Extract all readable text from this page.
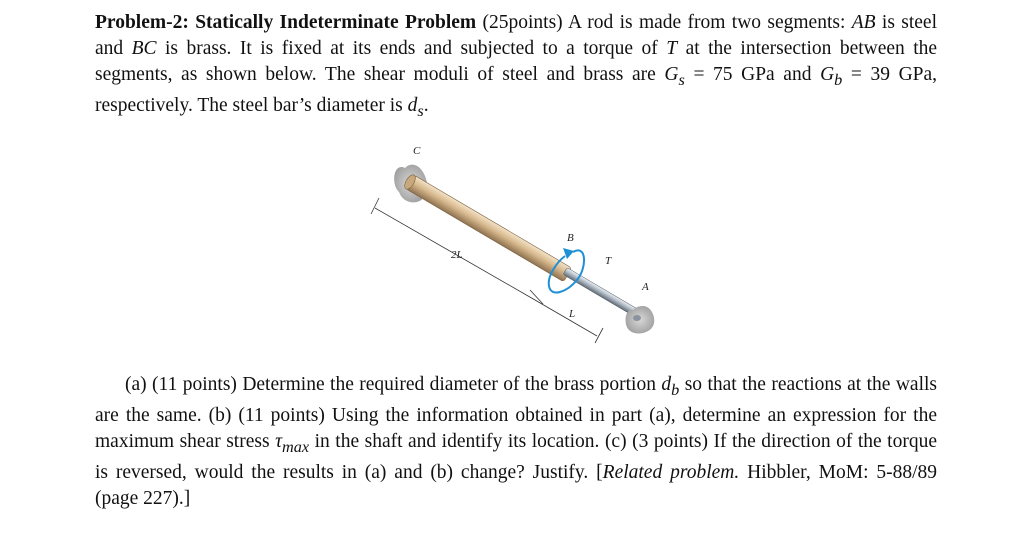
Problem-2: Statically Indeterminate Problem (25points) A rod is made from two segments: AB is steel and BC is brass. It is fixed at its ends and subjected to a torque of T at the intersection between the segments, as shown below. The shear moduli of steel and brass are $G_s = 75$ GPa and $G_b = 39$ GPa, respectively. The steel bar’s diameter is $d_s$.
C
B
T
A
2L
L
(a) (11 points) Determine the required diameter of the brass portion $d_b$ so that the reactions at the walls are the same. (b) (11 points) Using the information obtained in part (a), determine an expression for the maximum shear stress $\tau_{max}$ in the shaft and identify its location. (c) (3 points) If the direction of the torque is reversed, would the results in (a) and (b) change? Justify. [Related problem. Hibbler, MoM: 5-88/89 (page 227).]
